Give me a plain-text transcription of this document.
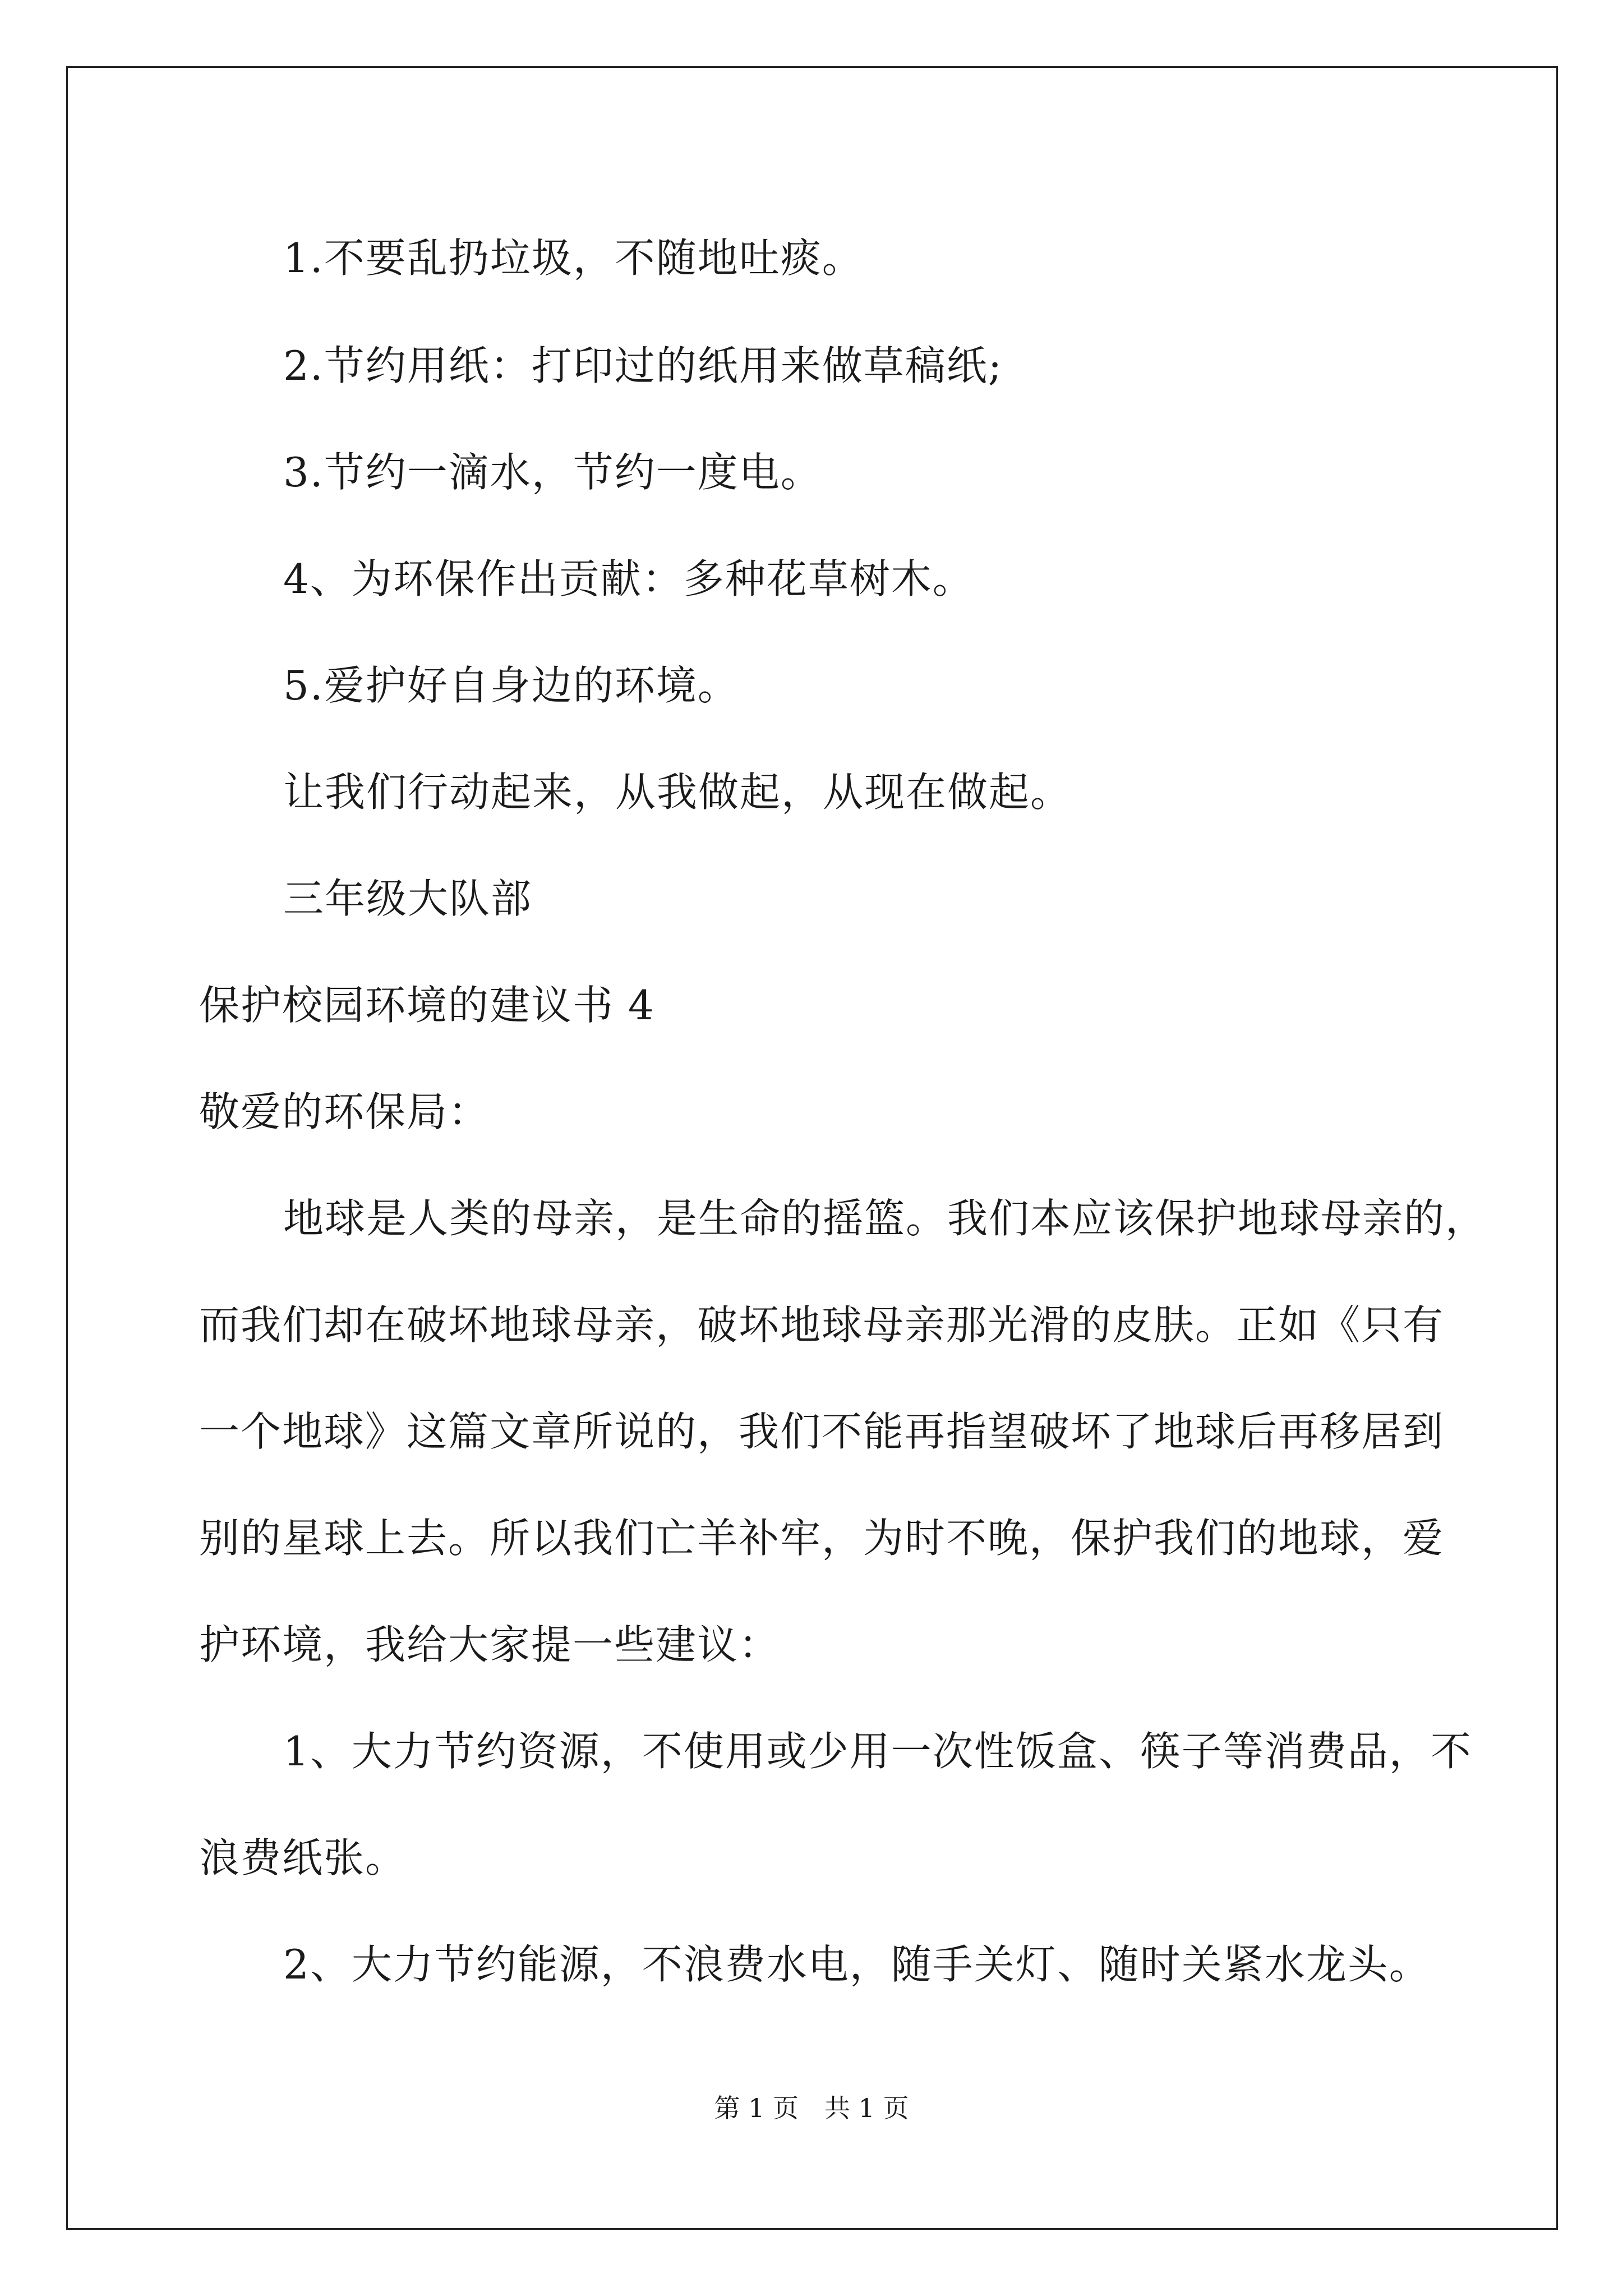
1.不要乱扔垃圾，不随地吐痰。
2.节约用纸：打印过的纸用来做草稿纸;
3.节约一滴水，节约一度电。
4、为环保作出贡献：多种花草树木。
5.爱护好自身边的环境。
让我们行动起来，从我做起，从现在做起。
三年级大队部
保护校园环境的建议书 4
敬爱的环保局：
地球是人类的母亲，是生命的摇篮。我们本应该保护地球母亲的，
而我们却在破坏地球母亲，破坏地球母亲那光滑的皮肤。正如《只有
一个地球》这篇文章所说的，我们不能再指望破坏了地球后再移居到
别的星球上去。所以我们亡羊补牢，为时不晚，保护我们的地球，爱
护环境，我给大家提一些建议：
1、大力节约资源，不使用或少用一次性饭盒、筷子等消费品，不
浪费纸张。
2、大力节约能源，不浪费水电，随手关灯、随时关紧水龙头。
第 1 页　共 1 页
